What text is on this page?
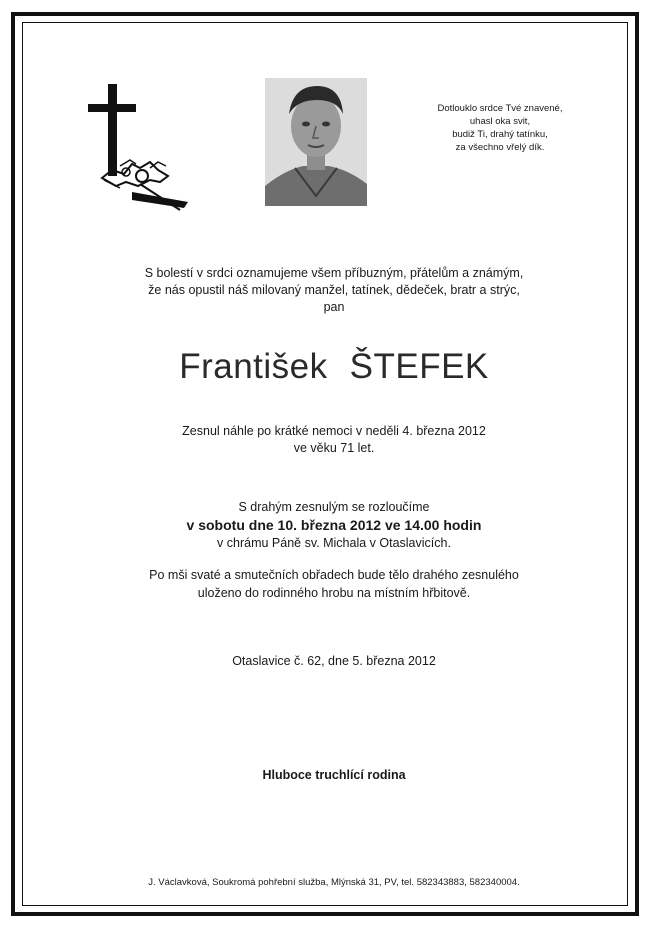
Dotlouklo srdce Tvé znavené,
uhasl oka svit,
budiž Ti, drahý tatínku,
za všechno vřelý dík.
S bolestí v srdci oznamujeme všem příbuzným, přátelům a známým,
že nás opustil náš milovaný manžel, tatínek, dědeček, bratr a strýc,
pan
František ŠTEFEK
Zesnul náhle po krátké nemoci v neděli 4. března 2012
ve věku 71 let.
S drahým zesnulým se rozloučíme
v sobotu dne 10. března 2012 ve 14.00 hodin
v chrámu Páně sv. Michala v Otaslavicích.
Po mši svaté a smutečních obřadech bude tělo drahého zesnulého
uloženo do rodinného hrobu na místním hřbitově.
Otaslavice č. 62, dne 5. března 2012
Hluboce truchlící rodina
J. Václavková, Soukromá pohřební služba, Mlýnská 31, PV, tel. 582343883, 582340004.
